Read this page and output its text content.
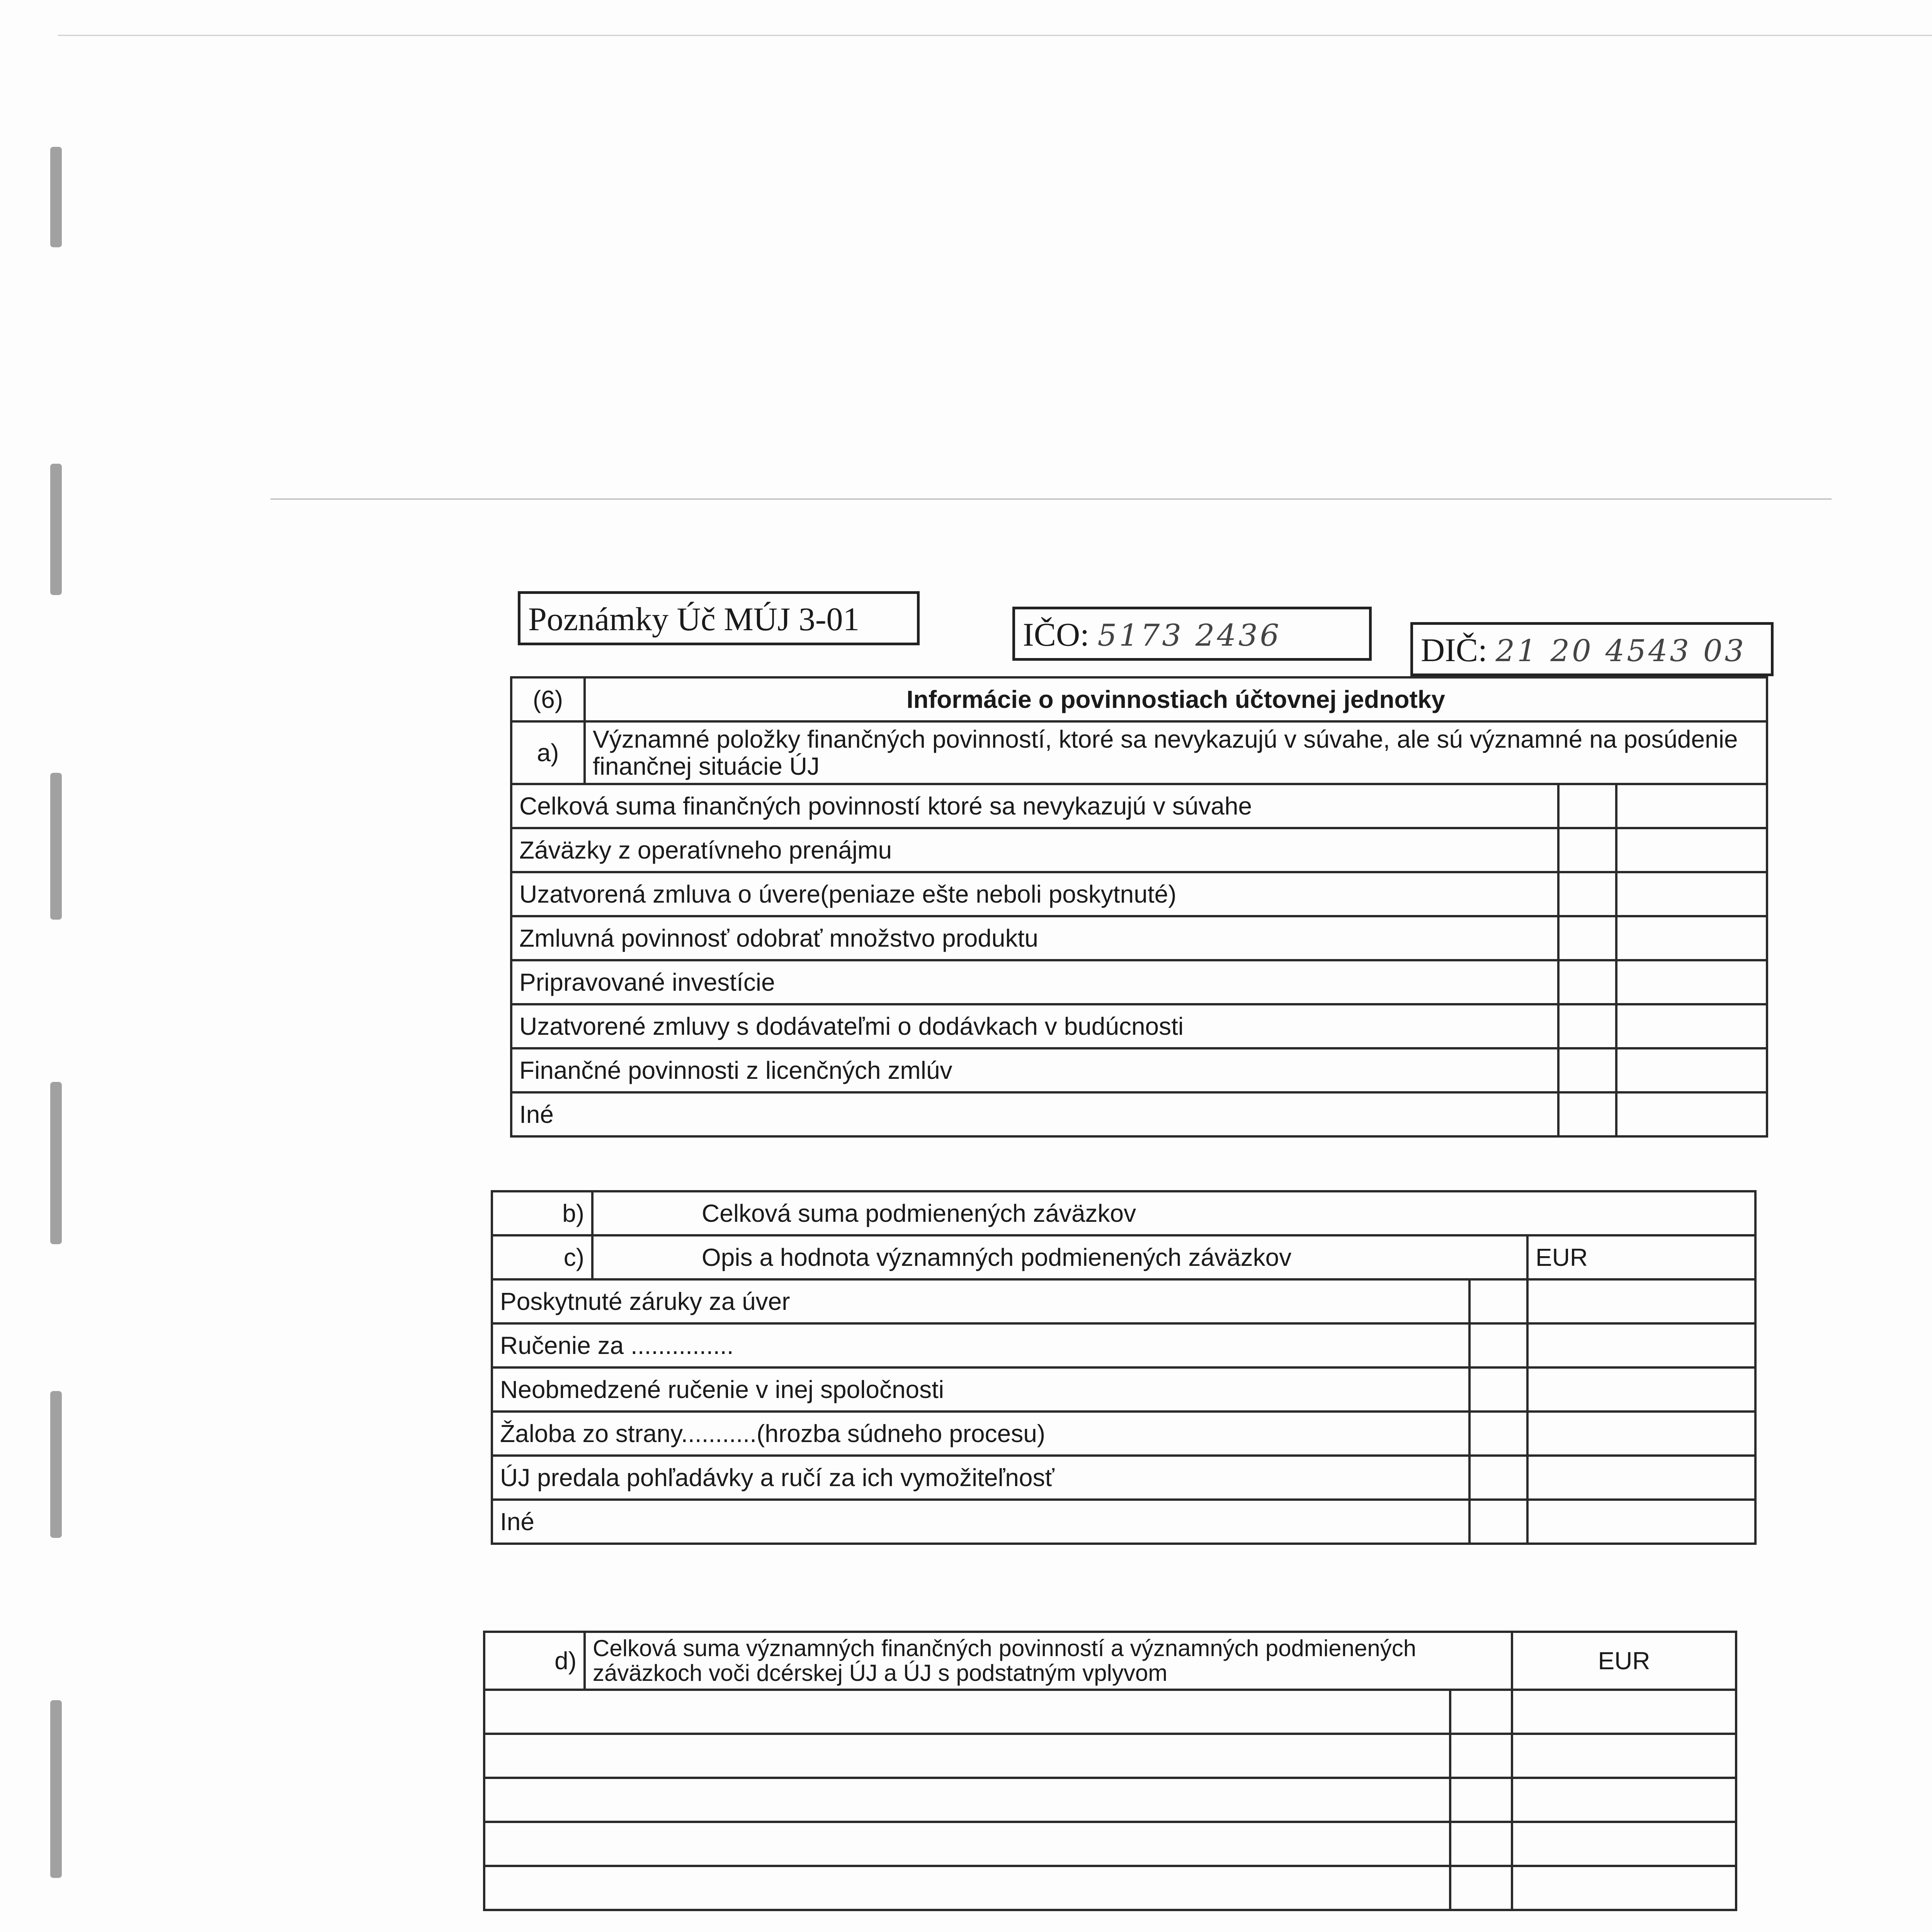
Poznámky Úč MÚJ 3-01	IČO: 5173 2436	DIČ: 21 20 4543 03
(6)	Informácie o povinnostiach účtovnej jednotky		
a)	Významné položky finančných povinností, ktoré sa nevykazujú v súvahe, ale sú významné na posúdenie finančnej situácie ÚJ		
Celková suma finančných povinností ktoré sa nevykazujú v súvahe			
Záväzky z operatívneho prenájmu			
Uzatvorená zmluva o úvere(peniaze ešte neboli poskytnuté)			
Zmluvná povinnosť odobrať množstvo produktu			
Pripravované investície			
Uzatvorené zmluvy s dodávateľmi o dodávkach v budúcnosti			
Finančné povinnosti z licenčných zmlúv			
Iné			
b)	Celková suma podmienených záväzkov		
c)	Opis a hodnota významných podmienených záväzkov		EUR
Poskytnuté záruky za úver			
Ručenie za ...............			
Neobmedzené ručenie v inej spoločnosti			
Žaloba zo strany...........(hrozba súdneho procesu)			
ÚJ predala pohľadávky a ručí za ich vymožiteľnosť			
Iné			
d)	Celková suma významných finančných povinností a významných podmienených záväzkoch voči dcérskej ÚJ a ÚJ s podstatným vplyvom		EUR
